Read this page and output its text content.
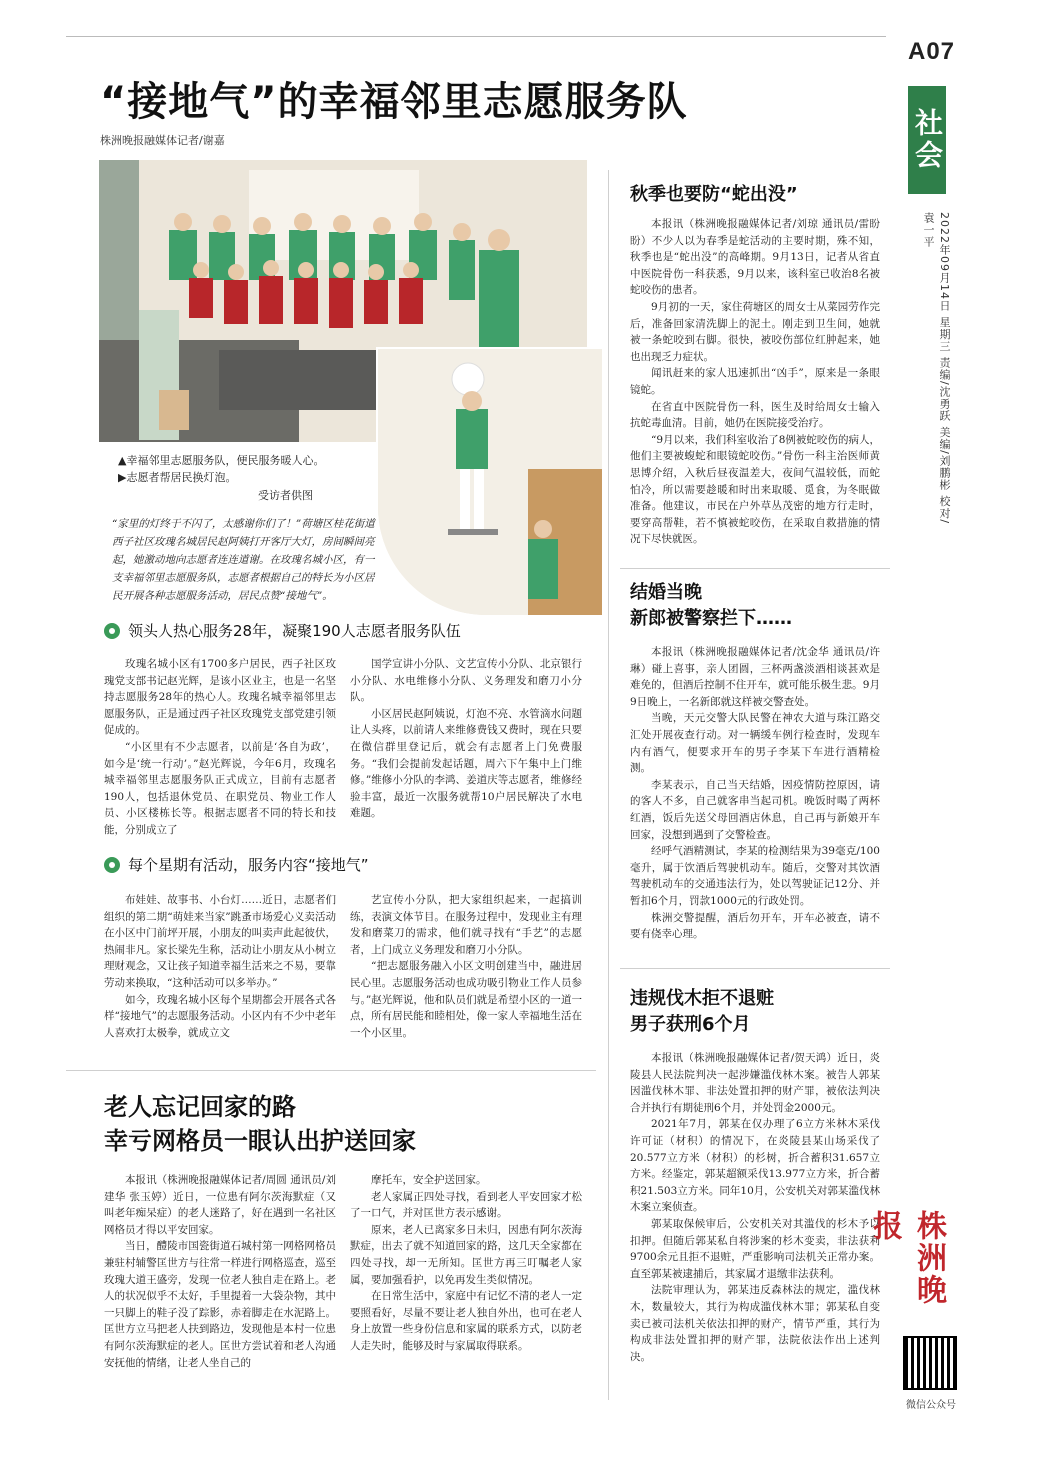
A07
社会
2022年09月14日 星期三 责编/沈勇跃 美编/刘鹏彬 校对/袁一平
“接地气”的幸福邻里志愿服务队
株洲晚报融媒体记者/谢嘉
▲幸福邻里志愿服务队，便民服务暖人心。
▶志愿者帮居民换灯泡。
受访者供图
“家里的灯终于不闪了，太感谢你们了！”荷塘区桂花街道西子社区玫瑰名城居民赵阿姨打开客厅大灯，房间瞬间亮起，她激动地向志愿者连连道谢。在玫瑰名城小区，有一支幸福邻里志愿服务队，志愿者根据自己的特长为小区居民开展各种志愿服务活动，居民点赞“接地气”。
领头人热心服务28年，凝聚190人志愿者服务队伍

玫瑰名城小区有1700多户居民，西子社区玫瑰党支部书记赵光辉，是该小区业主，也是一名坚持志愿服务28年的热心人。玫瑰名城幸福邻里志愿服务队，正是通过西子社区玫瑰党支部党建引领促成的。

“小区里有不少志愿者，以前是‘各自为政’，如今是‘统一行动’。”赵光辉说，今年6月，玫瑰名城幸福邻里志愿服务队正式成立，目前有志愿者190人，包括退休党员、在职党员、物业工作人员、小区楼栋长等。根据志愿者不同的特长和技能，分别成立了

国学宣讲小分队、文艺宣传小分队、北京银行小分队、水电维修小分队、义务理发和磨刀小分队。

小区居民赵阿姨说，灯泡不亮、水管滴水问题让人头疼，以前请人来维修费钱又费时，现在只要在微信群里登记后，就会有志愿者上门免费服务。“我们会提前发起话题，周六下午集中上门维修。”维修小分队的李鸿、姜道庆等志愿者，维修经验丰富，最近一次服务就帮10户居民解决了水电难题。

每个星期有活动，服务内容“接地气”

布娃娃、故事书、小台灯……近日，志愿者们组织的第二期“萌娃来当家”跳蚤市场爱心义卖活动在小区中门前坪开展，小朋友的叫卖声此起彼伏，热闹非凡。家长梁先生称，活动让小朋友从小树立理财观念，又让孩子知道幸福生活来之不易，要靠劳动来换取，“这种活动可以多举办。”

如今，玫瑰名城小区每个星期都会开展各式各样“接地气”的志愿服务活动。小区内有不少中老年人喜欢打太极拳，就成立文

艺宣传小分队，把大家组织起来，一起搞训练，表演文体节目。在服务过程中，发现业主有理发和磨菜刀的需求，他们就寻找有“手艺”的志愿者，上门成立义务理发和磨刀小分队。

“把志愿服务融入小区文明创建当中，融进居民心里。志愿服务活动也成功吸引物业工作人员参与。”赵光辉说，他和队员们就是希望小区的一道一点，所有居民能和睦相处，像一家人幸福地生活在一个小区里。

老人忘记回家的路
幸亏网格员一眼认出护送回家

本报讯（株洲晚报融媒体记者/周圆 通讯员/刘建华 张玉婷）近日，一位患有阿尔茨海默症（又叫老年痴呆症）的老人迷路了，好在遇到一名社区网格员才得以平安回家。

当日，醴陵市国瓷街道石城村第一网格网格员兼驻村辅警匡世方与往常一样进行网格巡查，巡至玫瑰大道王盛旁，发现一位老人独自走在路上。老人的状况似乎不太好，手里提着一大袋杂物，其中一只脚上的鞋子没了踪影，赤着脚走在水泥路上。匡世方立马把老人扶到路边，发现他是本村一位患有阿尔茨海默症的老人。匡世方尝试着和老人沟通安抚他的情绪，让老人坐自己的

摩托车，安全护送回家。

老人家属正四处寻找，看到老人平安回家才松了一口气，并对匡世方表示感谢。

原来，老人已离家多日未归，因患有阿尔茨海默症，出去了就不知道回家的路，这几天全家都在四处寻找，却一无所知。匡世方再三叮嘱老人家属，要加强看护，以免再发生类似情况。

在日常生活中，家庭中有记忆不清的老人一定要照看好，尽量不要让老人独自外出，也可在老人身上放置一些身份信息和家属的联系方式，以防老人走失时，能够及时与家属取得联系。

秋季也要防“蛇出没”

本报讯（株洲晚报融媒体记者/刘琼 通讯员/雷盼盼）不少人以为春季是蛇活动的主要时期，殊不知，秋季也是“蛇出没”的高峰期。9月13日，记者从省直中医院骨伤一科获悉，9月以来，该科室已收治8名被蛇咬伤的患者。

9月初的一天，家住荷塘区的周女士从菜园劳作完后，准备回家清洗脚上的泥土。刚走到卫生间，她就被一条蛇咬到右脚。很快，被咬伤部位红肿起来，她也出现乏力症状。

闻讯赶来的家人迅速抓出“凶手”，原来是一条眼镜蛇。

在省直中医院骨伤一科，医生及时给周女士输入抗蛇毒血清。目前，她仍在医院接受治疗。

“9月以来，我们科室收治了8例被蛇咬伤的病人，他们主要被蝮蛇和眼镜蛇咬伤。”骨伤一科主治医师黄思博介绍，入秋后昼夜温差大，夜间气温较低，而蛇怕冷，所以需要趁暖和时出来取暖、觅食，为冬眠做准备。他建议，市民在户外草丛茂密的地方行走时，要穿高帮鞋，若不慎被蛇咬伤，在采取自救措施的情况下尽快就医。

结婚当晚
新郎被警察拦下……

本报讯（株洲晚报融媒体记者/沈金华 通讯员/许琳）碰上喜事，亲人团圆，三杯两盏淡酒相谈甚欢是难免的，但酒后控制不住开车，就可能乐极生悲。9月9日晚上，一名新郎就这样被交警查处。

当晚，天元交警大队民警在神农大道与珠江路交汇处开展夜查行动。对一辆缓车例行检查时，发现车内有酒气，便要求开车的男子李某下车进行酒精检测。

李某表示，自己当天结婚，因疫情防控原因，请的客人不多，自己就客串当起司机。晚饭时喝了两杯红酒，饭后先送父母回酒店休息，自己再与新娘开车回家，没想到遇到了交警检查。

经呼气酒精测试，李某的检测结果为39毫克/100毫升，属于饮酒后驾驶机动车。随后，交警对其饮酒驾驶机动车的交通违法行为，处以驾驶证记12分、并暂扣6个月，罚款1000元的行政处罚。

株洲交警提醒，酒后勿开车，开车必被查，请不要有侥幸心理。

违规伐木拒不退赃
男子获刑6个月

本报讯（株洲晚报融媒体记者/贺天鸿）近日，炎陵县人民法院判决一起涉嫌滥伐林木案。被告人郭某因滥伐林木罪、非法处置扣押的财产罪，被依法判决合并执行有期徒刑6个月，并处罚金2000元。

2021年7月，郭某在仅办理了6立方米林木采伐许可证（材积）的情况下，在炎陵县某山场采伐了20.577立方米（材积）的杉树，折合蓄积31.657立方米。经鉴定，郭某超额采伐13.977立方米，折合蓄积21.503立方米。同年10月，公安机关对郭某滥伐林木案立案侦查。

郭某取保候审后，公安机关对其滥伐的杉木予以扣押。但随后郭某私自将涉案的杉木变卖，非法获利9700余元且拒不退赃，严重影响司法机关正常办案。直至郭某被逮捕后，其家属才退缴非法获利。

法院审理认为，郭某违反森林法的规定，滥伐林木，数量较大，其行为构成滥伐林木罪；郭某私自变卖已被司法机关依法扣押的财产，情节严重，其行为构成非法处置扣押的财产罪，法院依法作出上述判决。

株洲晚报
微信公众号
